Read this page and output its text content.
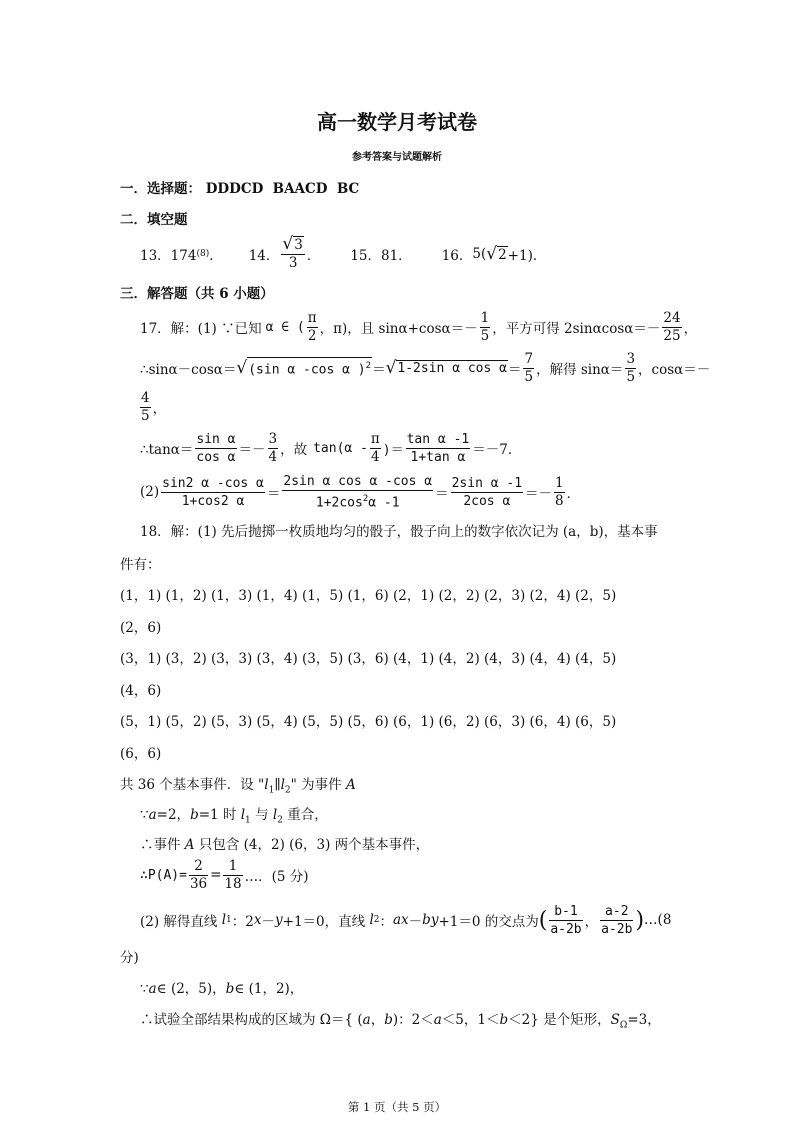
高一数学月考试卷
参考答案与试题解析
一．选择题： DDDCD  BAACD  BC
二．填空题
13．174 (8) ． 14． $\frac{√3}{3}$ ． 15．81． 16． 5( √ 2 +1)．
三．解答题（共 6 小题）
17．解：(1) ∵已知 α ∈ ( $\frac{\pi}{2}$ ， π)，且 $\sin\alpha+\cos\alpha=- \frac{1}{5}$ ，平方可得 $2\sin\alpha\cos\alpha=- \frac{24}{25}$ ，
∴sinα－cosα＝ √ (sin α -cos α )$^2$ ＝ √ 1-2sin α $\cos \alpha = \frac{7}{5}$ ，解得 $\sin\alpha= \frac{3}{5}$ ，cosα＝－
$\frac{4}{5}$ ，
∴tanα＝ $\frac{\text{sin α}}{\text{cos α}} =- \frac{3}{4}$ ，故 $\tan(\alpha - \frac{\pi}{4}$ )＝ $\frac{\text{tan α -1}}{\text{1+tan α}} =-7$．
$(2) \frac{\text{sin2 α -cos α}}{1+\cos 2 \alpha} = \frac{\text{2sin α cos α -cos α}}{1+2\cos^2\alpha -1} = \frac{\text{2sin α -1}}{\text{2cos α}} =- \frac{1}{8}$ ．
18．解：(1) 先后抛掷一枚质地均匀的骰子，骰子向上的数字依次记为 (a，b)，基本事
件有：
(1，1) (1，2) (1，3) (1，4) (1，5) (1，6) (2，1) (2，2) (2，3) (2，4) (2，5)
(2，6)
(3，1) (3，2) (3，3) (3，4) (3，5) (3，6) (4，1) (4，2) (4，3) (4，4) (4，5)
(4，6)
(5，1) (5，2) (5，3) (5，4) (5，5) (5，6) (6，1) (6，2) (6，3) (6，4) (6，5)
(6，6)
共 36 个基本事件．设 "$l_1\parallel l_2$" 为事件 A
∵a=2，b=1 时 $l_1$ 与 $l_2$ 重合，
∴事件 A 只包含 (4，2) (6，3) 两个基本事件，
∴P(A)= $\frac{2}{36} = \frac{1}{18}$ …．(5 分)
(2) 解得直线
l 1 ：2 x － y +1＝0，直线
l 2 ： ax － by +1＝0 的交点为 ( $\frac{b-1}{a-2b}$ ， $\frac{a-2}{a-2b}$ ) …(8
分)
∵a∈ (2，5)，b∈ (1，2)，
∴试验全部结果构成的区域为 Ω＝{ (a，b)：2＜a＜5，1＜b＜2} 是个矩形，$S_\Omega=3$，
第 1 页（共 5 页）
